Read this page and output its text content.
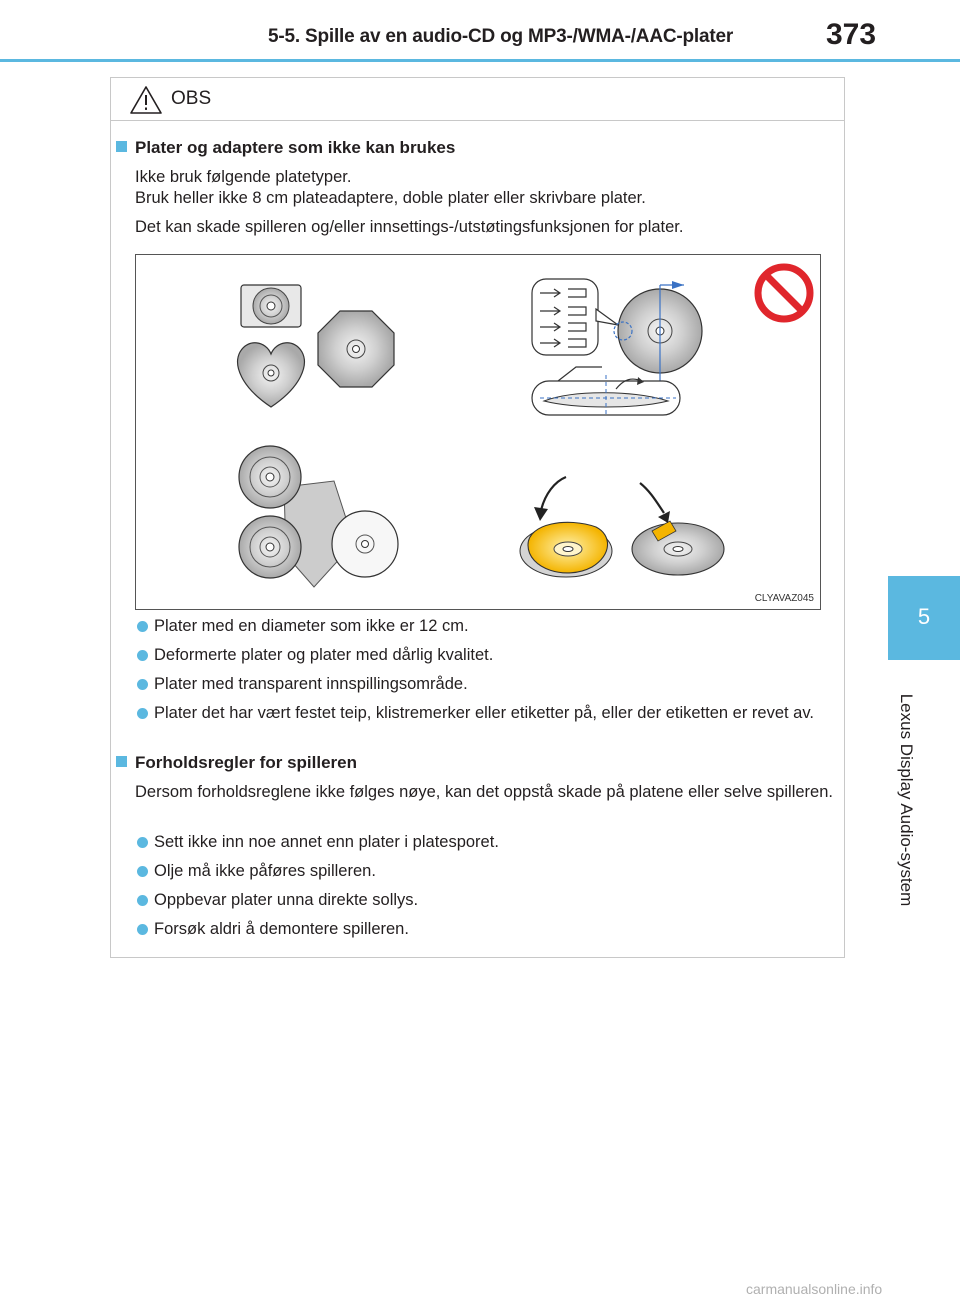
5-5. Spille av en audio-CD og MP3-/WMA-/AAC-plater	373
5
Lexus Display Audio-system
OBS
Plater og adaptere som ikke kan brukes
Ikke bruk følgende platetyper.
Bruk heller ikke 8 cm plateadaptere, doble plater eller skrivbare plater.
Det kan skade spilleren og/eller innsettings-/utstøtingsfunksjonen for plater.
CLYAVAZ045
Plater med en diameter som ikke er 12 cm.
Deformerte plater og plater med dårlig kvalitet.
Plater med transparent innspillingsområde.
Plater det har vært festet teip, klistremerker eller etiketter på, eller der etiketten er revet av.
Forholdsregler for spilleren
Dersom forholdsreglene ikke følges nøye, kan det oppstå skade på platene eller selve spilleren.
Sett ikke inn noe annet enn plater i platesporet.
Olje må ikke påføres spilleren.
Oppbevar plater unna direkte sollys.
Forsøk aldri å demontere spilleren.
carmanualsonline.info
